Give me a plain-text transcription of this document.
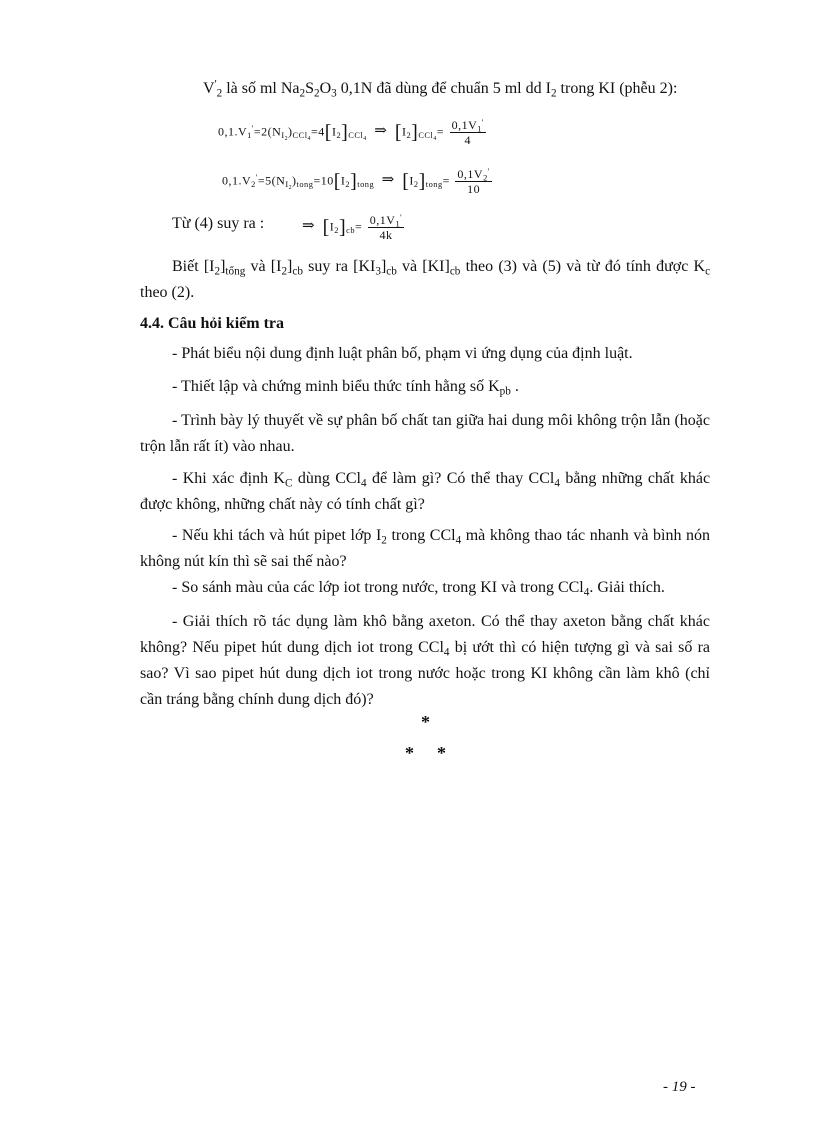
$V'_2$ là số ml $Na_2S_2O_3$ 0,1N đã dùng để chuẩn 5 ml dd $I_2$ trong KI (phễu 2):
$0,1.V_1'=2(N_{I_2})_{CCl_4}=4[I_2]_{CCl_4}$ ⇒ $[I_2]_{CCl_4}= \frac{0,1V_1'}{4}$
$0,1.V_2'=5(N_{I_2})_{tong}=10[I_2]_{tong}$ ⇒ $[I_2]_{tong}= \frac{0,1V_2'}{10}$
Từ (4) suy ra :	⇒ $[I_2]_{cb}= \frac{0,1V_1'}{4k}$
Biết $[I_2]_{tổng}$ và $[I_2]_{cb}$ suy ra $[KI_3]_{cb}$ và $[KI]_{cb}$ theo (3) và (5) và từ đó tính được $K_c$ theo (2).
4.4. Câu hỏi kiểm tra
- Phát biểu nội dung định luật phân bố, phạm vi ứng dụng của định luật.
- Thiết lập và chứng minh biểu thức tính hằng số $K_{pb}$ .
- Trình bày lý thuyết về sự phân bố chất tan giữa hai dung môi không trộn lẫn (hoặc trộn lẫn rất ít) vào nhau.
- Khi xác định $K_C$ dùng CCl$_4$ để làm gì? Có thể thay CCl$_4$ bằng những chất khác được không, những chất này có tính chất gì?
- Nếu khi tách và hút pipet lớp $I_2$ trong CCl$_4$ mà không thao tác nhanh và bình nón không nút kín thì sẽ sai thế nào?
- So sánh màu của các lớp iot trong nước, trong KI và trong CCl$_4$. Giải thích.
- Giải thích rõ tác dụng làm khô bằng axeton. Có thể thay axeton bằng chất khác không? Nếu pipet hút dung dịch iot trong CCl$_4$ bị ướt thì có hiện tượng gì và sai số ra sao? Vì sao pipet hút dung dịch iot trong nước hoặc trong KI không cần làm khô (chỉ cần tráng bằng chính dung dịch đó)?
*
* *
- 19 -
